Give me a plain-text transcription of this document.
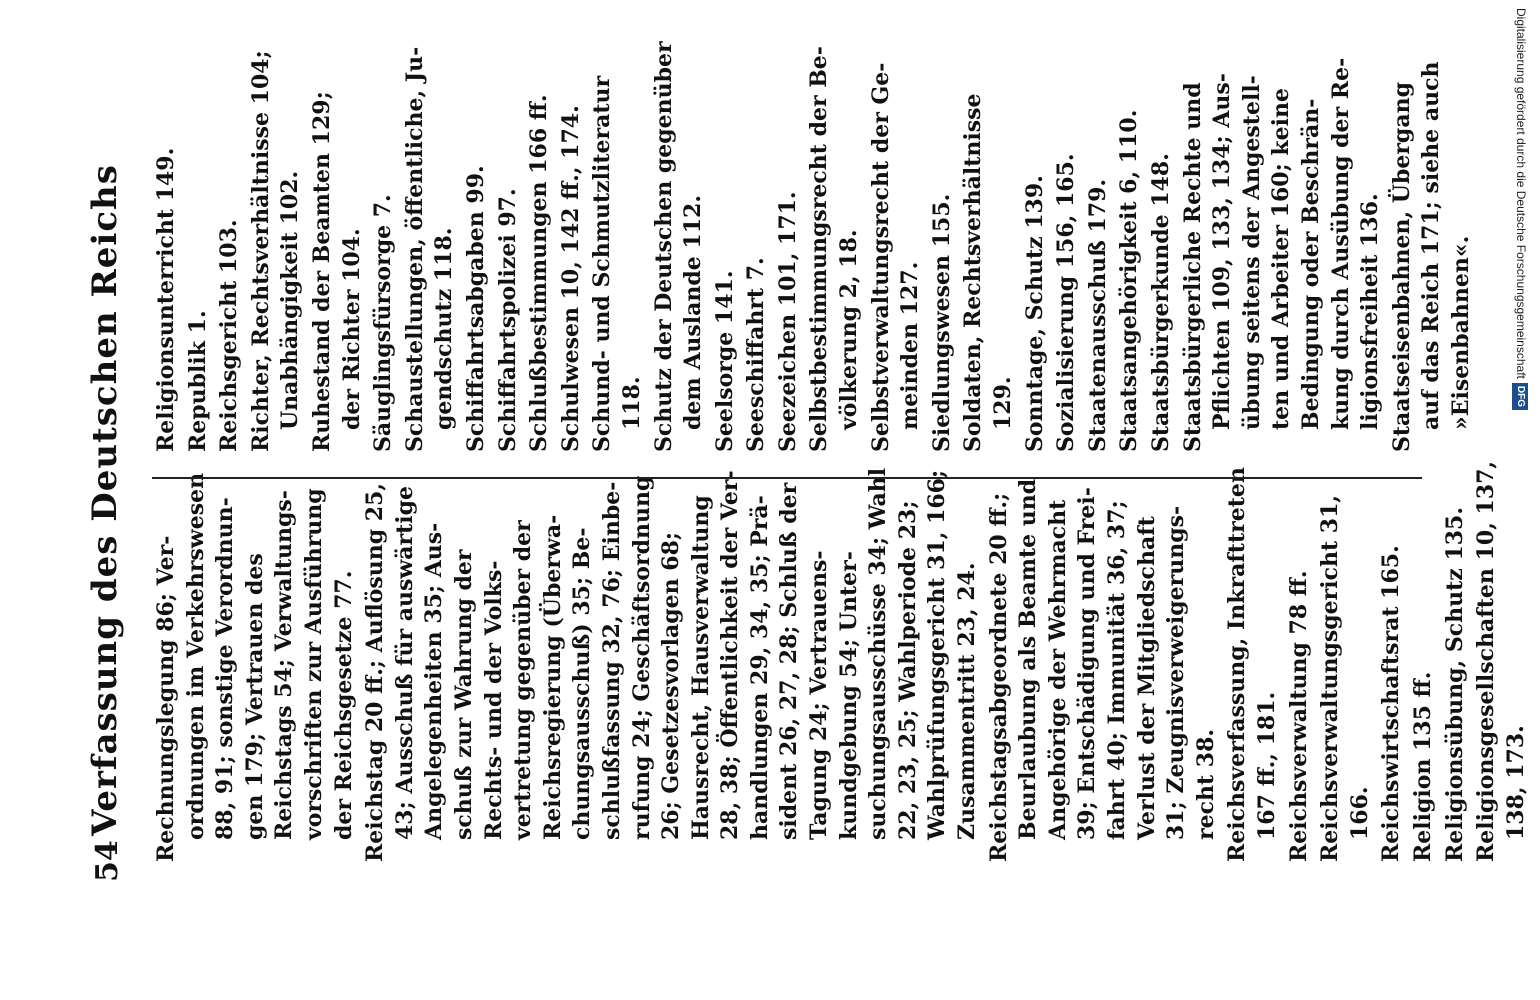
54
Verfassung des Deutschen Reichs Rechnungslegung 86; Ver- ordnungen im Verkehrswesen 88, 91; sonstige Verordnun- gen 179; Vertrauen des Reichstags 54; Verwaltungs- vorschriften zur Ausführung der Reichsgesetze 77. Reichstag 20 ff.; Auflösung 25, 43; Ausschuß für auswärtige Angelegenheiten 35; Aus- schuß zur Wahrung der Rechts- und der Volks- vertretung gegenüber der Reichsregierung (Überwa- chungsausschuß) 35; Be- schlußfassung 32, 76; Einbe- rufung 24; Geschäftsordnung 26; Gesetzesvorlagen 68; Hausrecht, Hausverwaltung 28, 38; Öffentlichkeit der Ver- handlungen 29, 34, 35; Prä- sident 26, 27, 28; Schluß der Tagung 24; Vertrauens- kundgebung 54; Unter- suchungsausschüsse 34; Wahl 22, 23, 25; Wahlperiode 23; Wahlprüfungsgericht 31, 166; Zusammentritt 23, 24. Reichstagsabgeordnete 20 ff.; Beurlaubung als Beamte und Angehörige der Wehrmacht 39; Entschädigung und Frei- fahrt 40; Immunität 36, 37; Verlust der Mitgliedschaft 31; Zeugnisverweigerungs- recht 38. Reichsverfassung, Inkrafttreten 167 ff., 181. Reichsverwaltung 78 ff. Reichsverwaltungsgericht 31, 166. Reichswirtschaftsrat 165. Religion 135 ff. Religionsübung, Schutz 135. Religionsgesellschaften 10, 137, 138, 173.
Religionsunterricht 149. Republik 1. Reichsgericht 103. Richter, Rechtsverhältnisse 104; Unabhängigkeit 102. Ruhestand der Beamten 129; der Richter 104. Säuglingsfürsorge 7. Schaustellungen, öffentliche, Ju- gendschutz 118. Schiffahrtsabgaben 99. Schiffahrtspolizei 97. Schlußbestimmungen 166 ff. Schulwesen 10, 142 ff., 174. Schund- und Schmutzliteratur 118. Schutz der Deutschen gegenüber dem Auslande 112. Seelsorge 141. Seeschiffahrt 7. Seezeichen 101, 171. Selbstbestimmungsrecht der Be- völkerung 2, 18. Selbstverwaltungsrecht der Ge- meinden 127. Siedlungswesen 155. Soldaten, Rechtsverhältnisse 129. Sonntage, Schutz 139. Sozialisierung 156, 165. Staatenausschuß 179. Staatsangehörigkeit 6, 110. Staatsbürgerkunde 148. Staatsbürgerliche Rechte und Pflichten 109, 133, 134; Aus- übung seitens der Angestell- ten und Arbeiter 160; keine Bedingung oder Beschrän- kung durch Ausübung der Re- ligionsfreiheit 136. Staatseisenbahnen, Übergang auf das Reich 171; siehe auch »Eisenbahnen«.	Digitalisierung gefördert durch die Deutsche ForschungsgemeinschaftDFG
